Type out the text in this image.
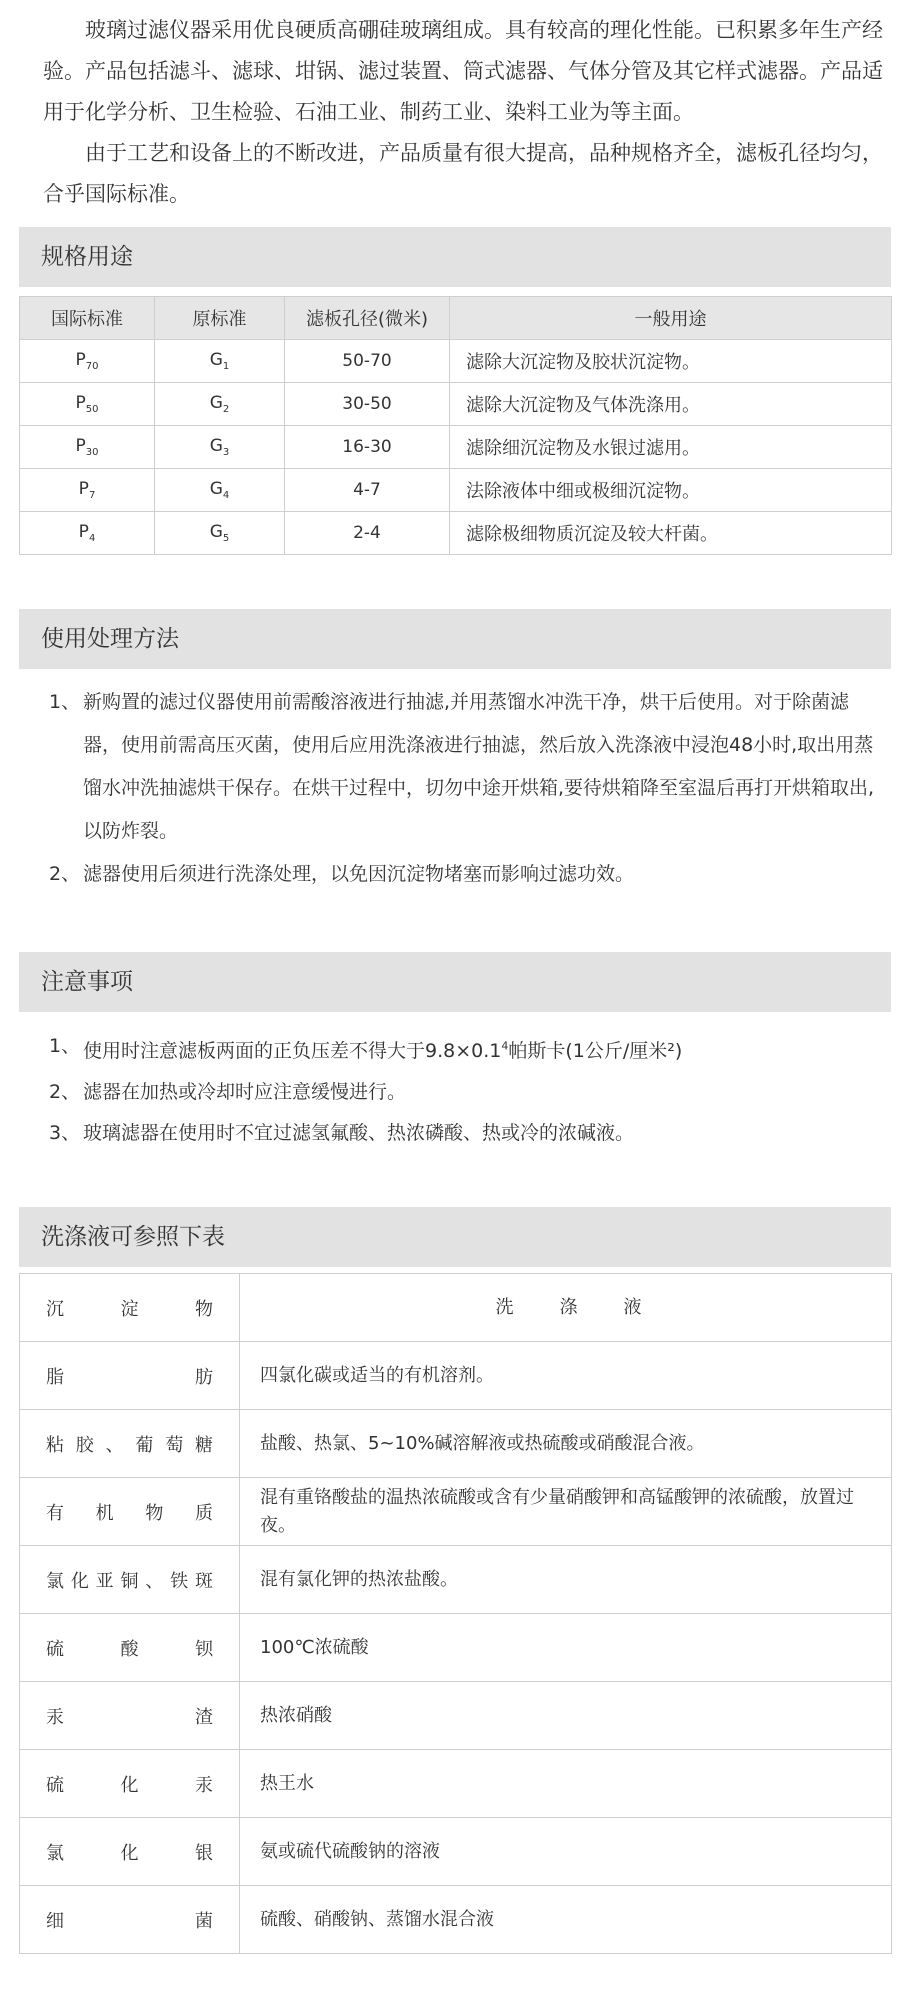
玻璃过滤仪器采用优良硬质高硼硅玻璃组成。具有较高的理化性能。已积累多年生产经验。产品包括滤斗、滤球、坩锅、滤过装置、筒式滤器、气体分管及其它样式滤器。产品适用于化学分析、卫生检验、石油工业、制药工业、染料工业为等主面。

由于工艺和设备上的不断改进，产品质量有很大提高，品种规格齐全，滤板孔径均匀，合乎国际标准。

规格用途
国际标准	原标准	滤板孔径(微米)	一般用途
$P_{70}$	$G_1$	50-70	滤除大沉淀物及胶状沉淀物。
$P_{50}$	$G_2$	30-50	滤除大沉淀物及气体洗涤用。
$P_{30}$	$G_3$	16-30	滤除细沉淀物及水银过滤用。
$P_7$	$G_4$	4-7	法除液体中细或极细沉淀物。
$P_4$	$G_5$	2-4	滤除极细物质沉淀及较大杆菌。
使用处理方法
1、 新购置的滤过仪器使用前需酸溶液进行抽滤,并用蒸馏水冲洗干净，烘干后使用。对于除菌滤器，使用前需高压灭菌，使用后应用洗涤液进行抽滤，然后放入洗涤液中浸泡48小时,取出用蒸馏水冲洗抽滤烘干保存。在烘干过程中，切勿中途开烘箱,要待烘箱降至室温后再打开烘箱取出,以防炸裂。
2、 滤器使用后须进行洗涤处理，以免因沉淀物堵塞而影响过滤功效。
注意事项
1、 使用时注意滤板两面的正负压差不得大于$9.8\times 0.1^4$帕斯卡(1公斤/厘米²)
2、 滤器在加热或冷却时应注意缓慢进行。
3、 玻璃滤器在使用时不宜过滤氢氟酸、热浓磷酸、热或冷的浓碱液。
洗涤液可参照下表
沉淀物	洗涤液

脂肪	四氯化碳或适当的有机溶剂。

粘胶、葡萄糖	盐酸、热氯、5~10%碱溶解液或热硫酸或硝酸混合液。

有机物质	混有重铬酸盐的温热浓硫酸或含有少量硝酸钾和高锰酸钾的浓硫酸，放置过夜。

氯化亚铜、铁斑	混有氯化钾的热浓盐酸。

硫酸钡	100℃浓硫酸

汞渣	热浓硝酸

硫化汞	热王水

氯化银	氨或硫代硫酸钠的溶液

细菌	硫酸、硝酸钠、蒸馏水混合液
